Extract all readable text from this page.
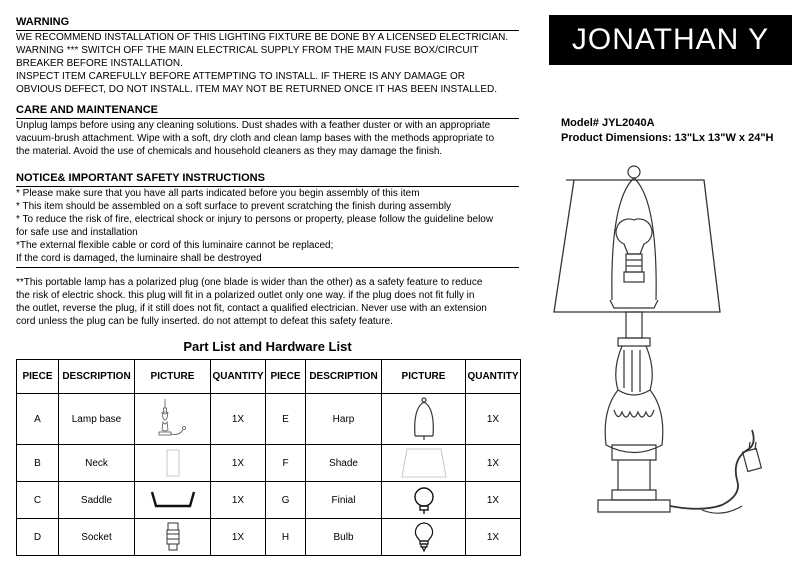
WARNING
WE RECOMMEND INSTALLATION OF THIS LIGHTING FIXTURE BE DONE BY A LICENSED ELECTRICIAN.
WARNING *** SWITCH OFF THE MAIN ELECTRICAL SUPPLY FROM THE MAIN FUSE BOX/CIRCUIT
BREAKER BEFORE INSTALLATION.
INSPECT ITEM CAREFULLY BEFORE ATTEMPTING TO INSTALL. IF THERE IS ANY DAMAGE OR
OBVIOUS DEFECT, DO NOT INSTALL. ITEM MAY NOT BE RETURNED ONCE IT HAS BEEN INSTALLED.
CARE AND MAINTENANCE
Unplug lamps before using any cleaning solutions. Dust shades with a feather duster or with an appropriate
vacuum-brush attachment. Wipe with a soft, dry cloth and clean lamp bases with the methods appropriate to
the material. Avoid the use of chemicals and household cleaners as they may damage the finish.
NOTICE& IMPORTANT SAFETY INSTRUCTIONS
* Please make sure that you have all parts indicated before you begin assembly of this item
* This item should be assembled on a soft surface to prevent scratching the finish during assembly
* To reduce the risk of fire, electrical shock or injury to persons or property, please follow the guideline below
for safe use and installation
*The external flexible cable or cord of this luminaire cannot be replaced;
If the cord is damaged, the luminaire shall be destroyed
**This portable lamp has a polarized plug (one blade is wider than the other) as a safety feature to reduce
the risk of electric shock. this plug will fit in a polarized outlet only one way. if the plug does not fit fully in
the outlet, reverse the plug, if it still does not fit, contact a qualified electrician. Never use with an extension
cord unless the plug can be fully inserted. do not attempt to defeat this safety feature.
JONATHAN Y
Model# JYL2040A
Product Dimensions: 13"Lx 13"W x 24"H
Part List and Hardware List
PIECE	DESCRIPTION	PICTURE	QUANTITY	PIECE	DESCRIPTION	PICTURE	QUANTITY
A	Lamp base		1X	E	Harp		1X
B	Neck		1X	F	Shade		1X
C	Saddle		1X	G	Finial		1X
D	Socket		1X	H	Bulb		1X
